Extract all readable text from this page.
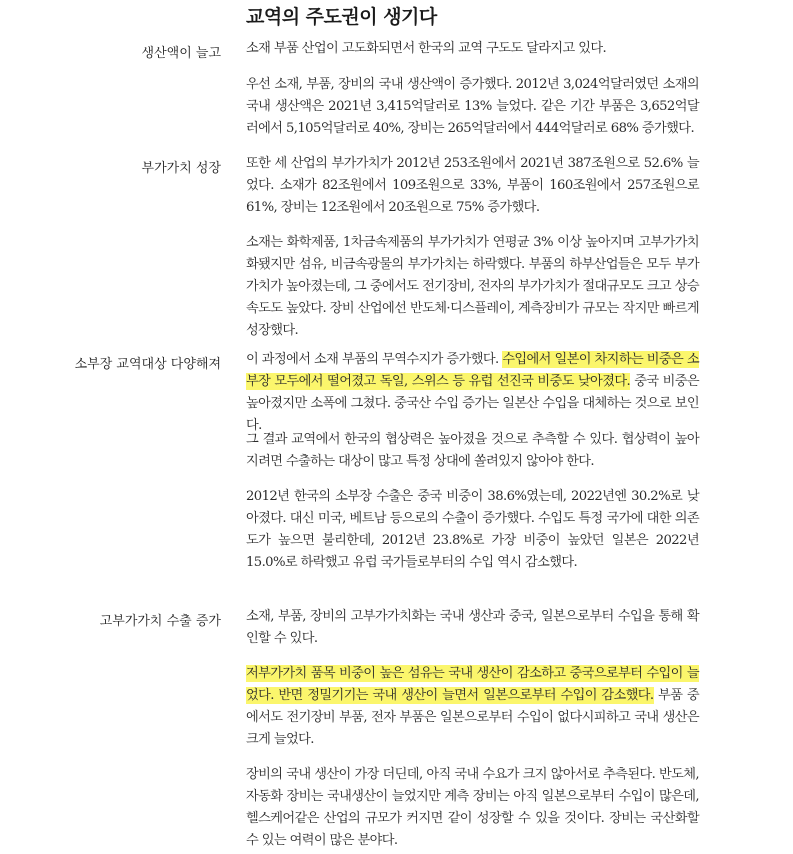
교역의 주도권이 생기다
생산액이 늘고 소재 부품 산업이 고도화되면서 한국의 교역 구도도 달라지고 있다.

우선 소재, 부품, 장비의 국내 생산액이 증가했다. 2012년 3,024억달러였던 소재의 국내 생산액은 2021년 3,415억달러로 13% 늘었다. 같은 기간 부품은 3,652억달러에서 5,105억달러로 40%, 장비는 265억달러에서 444억달러로 68% 증가했다.

부가가치 성장 또한 세 산업의 부가가치가 2012년 253조원에서 2021년 387조원으로 52.6% 늘었다. 소재가 82조원에서 109조원으로 33%, 부품이 160조원에서 257조원으로 61%, 장비는 12조원에서 20조원으로 75% 증가했다.

소재는 화학제품, 1차금속제품의 부가가치가 연평균 3% 이상 높아지며 고부가가치화됐지만 섬유, 비금속광물의 부가가치는 하락했다. 부품의 하부산업들은 모두 부가가치가 높아졌는데, 그 중에서도 전기장비, 전자의 부가가치가 절대규모도 크고 상승 속도도 높았다. 장비 산업에선 반도체·디스플레이, 계측장비가 규모는 작지만 빠르게 성장했다.

소부장 교역대상 다양해져 이 과정에서 소재 부품의 무역수지가 증가했다. 수입에서 일본이 차지하는 비중은 소부장 모두에서 떨어졌고 독일, 스위스 등 유럽 선진국 비중도 낮아졌다. 중국 비중은 높아졌지만 소폭에 그쳤다. 중국산 수입 증가는 일본산 수입을 대체하는 것으로 보인다.

그 결과 교역에서 한국의 협상력은 높아졌을 것으로 추측할 수 있다. 협상력이 높아지려면 수출하는 대상이 많고 특정 상대에 쏠려있지 않아야 한다.

2012년 한국의 소부장 수출은 중국 비중이 38.6%였는데, 2022년엔 30.2%로 낮아졌다. 대신 미국, 베트남 등으로의 수출이 증가했다. 수입도 특정 국가에 대한 의존도가 높으면 불리한데, 2012년 23.8%로 가장 비중이 높았던 일본은 2022년 15.0%로 하락했고 유럽 국가들로부터의 수입 역시 감소했다.

고부가가치 수출 증가 소재, 부품, 장비의 고부가가치화는 국내 생산과 중국, 일본으로부터 수입을 통해 확인할 수 있다.

저부가가치 품목 비중이 높은 섬유는 국내 생산이 감소하고 중국으로부터 수입이 늘었다. 반면 정밀기기는 국내 생산이 늘면서 일본으로부터 수입이 감소했다. 부품 중에서도 전기장비 부품, 전자 부품은 일본으로부터 수입이 없다시피하고 국내 생산은 크게 늘었다.

장비의 국내 생산이 가장 더딘데, 아직 국내 수요가 크지 않아서로 추측된다. 반도체, 자동화 장비는 국내생산이 늘었지만 계측 장비는 아직 일본으로부터 수입이 많은데, 헬스케어같은 산업의 규모가 커지면 같이 성장할 수 있을 것이다. 장비는 국산화할 수 있는 여력이 많은 분야다.
